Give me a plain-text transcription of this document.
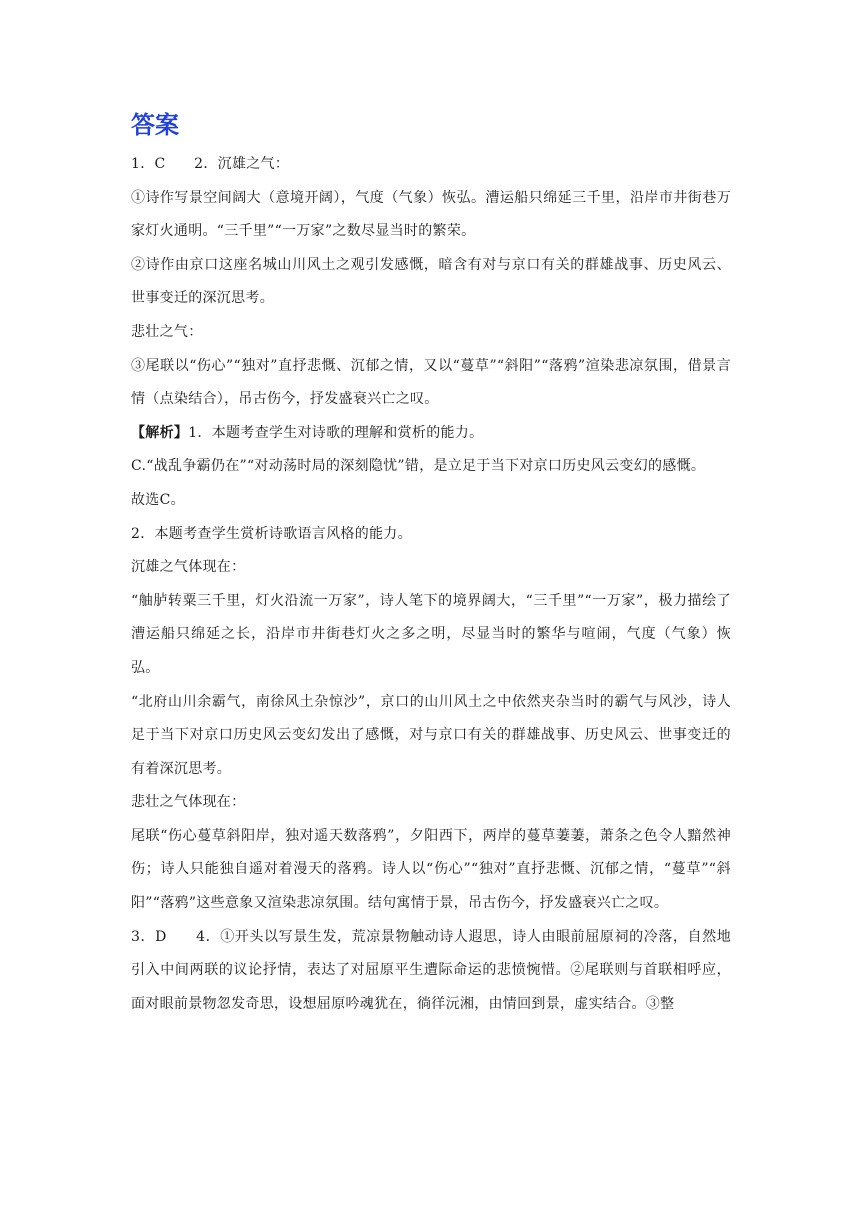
答案

1．C　　2．沉雄之气：

①诗作写景空间阔大（意境开阔），气度（气象）恢弘。漕运船只绵延三千里，沿岸市井街巷万家灯火通明。“三千里”“一万家”之数尽显当时的繁荣。

②诗作由京口这座名城山川风土之观引发感慨，暗含有对与京口有关的群雄战事、历史风云、世事变迁的深沉思考。

悲壮之气：

③尾联以“伤心”“独对”直抒悲慨、沉郁之情，又以“蔓草”“斜阳”“落鸦”渲染悲凉氛围，借景言情（点染结合），吊古伤今，抒发盛衰兴亡之叹。

【解析】1．本题考查学生对诗歌的理解和赏析的能力。

C.“战乱争霸仍在”“对动荡时局的深刻隐忧”错，是立足于当下对京口历史风云变幻的感慨。

故选C。

2．本题考查学生赏析诗歌语言风格的能力。

沉雄之气体现在：

“舳胪转粟三千里，灯火沿流一万家”，诗人笔下的境界阔大，“三千里”“一万家”，极力描绘了漕运船只绵延之长，沿岸市井街巷灯火之多之明，尽显当时的繁华与喧闹，气度（气象）恢弘。

“北府山川余霸气，南徐风土杂惊沙”，京口的山川风土之中依然夹杂当时的霸气与风沙，诗人足于当下对京口历史风云变幻发出了感慨，对与京口有关的群雄战事、历史风云、世事变迁的有着深沉思考。

悲壮之气体现在：

尾联“伤心蔓草斜阳岸，独对遥天数落鸦”，夕阳西下，两岸的蔓草萋萋，萧条之色令人黯然神伤；诗人只能独自遥对着漫天的落鸦。诗人以“伤心”“独对”直抒悲慨、沉郁之情，“蔓草”“斜阳”“落鸦”这些意象又渲染悲凉氛围。结句寓情于景，吊古伤今，抒发盛衰兴亡之叹。

3．D　　4．①开头以写景生发，荒凉景物触动诗人遐思，诗人由眼前屈原祠的冷落，自然地引入中间两联的议论抒情，表达了对屈原平生遭际命运的悲愤惋惜。②尾联则与首联相呼应，面对眼前景物忽发奇思，设想屈原吟魂犹在，徜徉沅湘，由情回到景，虚实结合。③整
